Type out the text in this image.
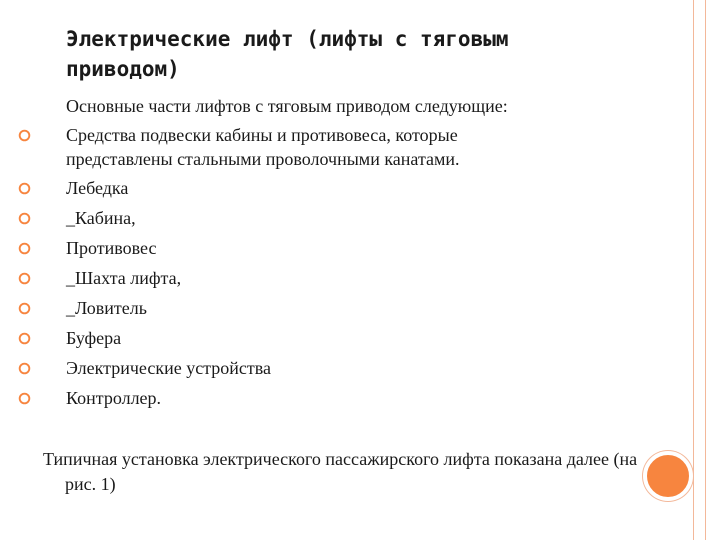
Электрические лифт (лифты с тяговым приводом)
Основные части лифтов с тяговым приводом следующие:
Средства подвески кабины и противовеса, которые
представлены стальными проволочными канатами.
Лебедка
_Кабина,
Противовес
_Шахта лифта,
_Ловитель
Буфера
Электрические устройства
Контроллер.
Типичная установка электрического пассажирского лифта показана далее (на рис. 1)
